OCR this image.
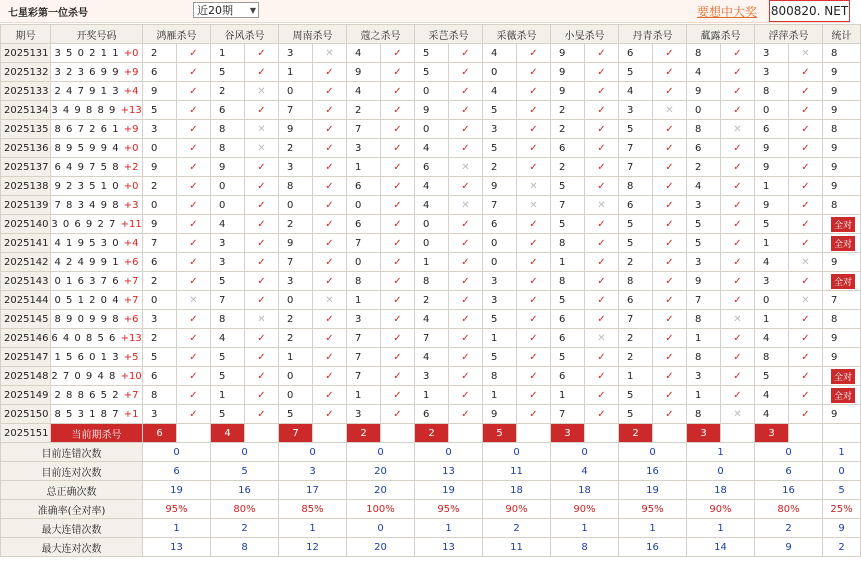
七星彩第一位杀号	近20期 ▼	要想中大奖 800820. NET
期号	开奖号码	鸿雁杀号		谷风杀号		周南杀号		蔻之杀号		采芑杀号		采薇杀号		小旻杀号		丹青杀号		蓏露杀号		浮萍杀号		统计
2025131	3 5 0 2 1 1 +0	2	✓	1	✓	3	✕	4	✓	5	✓	4	✓	9	✓	6	✓	8	✓	3	✕	8
2025132	3 2 3 6 9 9 +9	6	✓	5	✓	1	✓	9	✓	5	✓	0	✓	9	✓	5	✓	4	✓	3	✓	9
2025133	2 4 7 9 1 3 +4	9	✓	2	✕	0	✓	4	✓	0	✓	4	✓	9	✓	4	✓	9	✓	8	✓	9
2025134	3 4 9 8 8 9 +13	5	✓	6	✓	7	✓	2	✓	9	✓	5	✓	2	✓	3	✕	0	✓	0	✓	9
2025135	8 6 7 2 6 1 +9	3	✓	8	✕	9	✓	7	✓	0	✓	3	✓	2	✓	5	✓	8	✕	6	✓	8
2025136	8 9 5 9 9 4 +0	0	✓	8	✕	2	✓	3	✓	4	✓	5	✓	6	✓	7	✓	6	✓	9	✓	9
2025137	6 4 9 7 5 8 +2	9	✓	9	✓	3	✓	1	✓	6	✕	2	✓	2	✓	7	✓	2	✓	9	✓	9
2025138	9 2 3 5 1 0 +0	2	✓	0	✓	8	✓	6	✓	4	✓	9	✕	5	✓	8	✓	4	✓	1	✓	9
2025139	7 8 3 4 9 8 +3	0	✓	0	✓	0	✓	0	✓	4	✕	7	✕	7	✕	6	✓	3	✓	9	✓	8
2025140	3 0 6 9 2 7 +11	9	✓	4	✓	2	✓	6	✓	0	✓	6	✓	5	✓	5	✓	5	✓	5	✓	全对
2025141	4 1 9 5 3 0 +4	7	✓	3	✓	9	✓	7	✓	0	✓	0	✓	8	✓	5	✓	5	✓	1	✓	全对
2025142	4 2 4 9 9 1 +6	6	✓	3	✓	7	✓	0	✓	1	✓	0	✓	1	✓	2	✓	3	✓	4	✕	9
2025143	0 1 6 3 7 6 +7	2	✓	5	✓	3	✓	8	✓	8	✓	3	✓	8	✓	8	✓	9	✓	3	✓	全对
2025144	0 5 1 2 0 4 +7	0	✕	7	✓	0	✕	1	✓	2	✓	3	✓	5	✓	6	✓	7	✓	0	✕	7
2025145	8 9 0 9 9 8 +6	3	✓	8	✕	2	✓	3	✓	4	✓	5	✓	6	✓	7	✓	8	✕	1	✓	8
2025146	6 4 0 8 5 6 +13	2	✓	4	✓	2	✓	7	✓	7	✓	1	✓	6	✕	2	✓	1	✓	4	✓	9
2025147	1 5 6 0 1 3 +5	5	✓	5	✓	1	✓	7	✓	4	✓	5	✓	5	✓	2	✓	8	✓	8	✓	9
2025148	2 7 0 9 4 8 +10	6	✓	5	✓	0	✓	7	✓	3	✓	8	✓	6	✓	1	✓	3	✓	5	✓	全对
2025149	2 8 8 6 5 2 +7	8	✓	1	✓	0	✓	1	✓	1	✓	1	✓	1	✓	5	✓	1	✓	4	✓	全对
2025150	8 5 3 1 8 7 +1	3	✓	5	✓	5	✓	3	✓	6	✓	9	✓	7	✓	5	✓	8	✕	4	✓	9
2025151	当前期杀号	6		4		7		2		2		5		3		2		3		3		
目前连错次数		0		0		0		0		0		0		0		0		1		0		1
目前连对次数		6		5		3		20		13		11		4		16		0		6		0
总正确次数		19		16		17		20		19		18		18		19		18		16		5
准确率(全对率)		95%		80%		85%		100%		95%		90%		90%		95%		90%		80%		25%
最大连错次数		1		2		1		0		1		2		1		1		1		2		9
最大连对次数		13		8		12		20		13		11		8		16		14		9		2
